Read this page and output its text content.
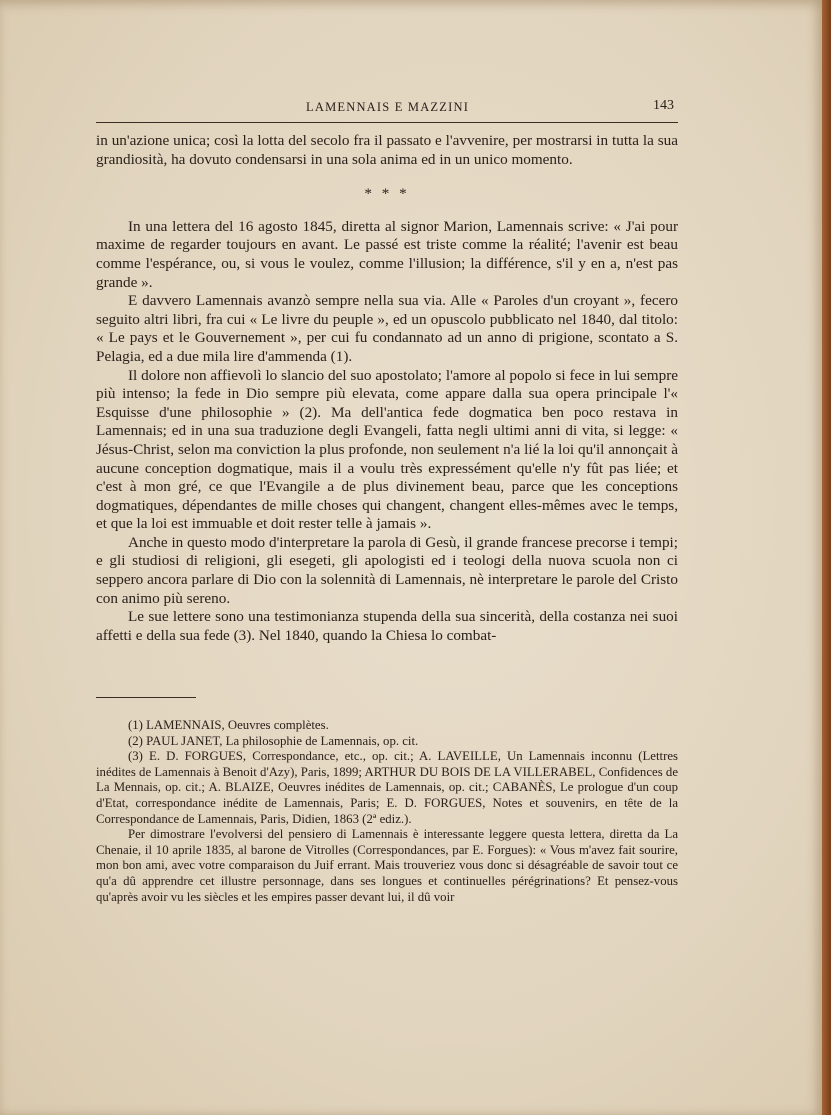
LAMENNAIS E MAZZINI	143

in un'azione unica; così la lotta del secolo fra il passato e l'avvenire, per mostrarsi in tutta la sua grandiosità, ha dovuto condensarsi in una sola anima ed in un unico momento.

* * *

In una lettera del 16 agosto 1845, diretta al signor Marion, Lamennais scrive: « J'ai pour maxime de regarder toujours en avant. Le passé est triste comme la réalité; l'avenir est beau comme l'espérance, ou, si vous le voulez, comme l'illusion; la différence, s'il y en a, n'est pas grande ».

E davvero Lamennais avanzò sempre nella sua via. Alle « Paroles d'un croyant », fecero seguito altri libri, fra cui « Le livre du peuple », ed un opuscolo pubblicato nel 1840, dal titolo: « Le pays et le Gouvernement », per cui fu condannato ad un anno di prigione, scontato a S. Pelagia, ed a due mila lire d'ammenda (1).

Il dolore non affievolì lo slancio del suo apostolato; l'amore al popolo si fece in lui sempre più intenso; la fede in Dio sempre più elevata, come appare dalla sua opera principale l'« Esquisse d'une philosophie » (2). Ma dell'antica fede dogmatica ben poco restava in Lamennais; ed in una sua traduzione degli Evangeli, fatta negli ultimi anni di vita, si legge: « Jésus-Christ, selon ma conviction la plus profonde, non seulement n'a lié la loi qu'il annonçait à aucune conception dogmatique, mais il a voulu très expressément qu'elle n'y fût pas liée; et c'est à mon gré, ce que l'Evangile a de plus divinement beau, parce que les conceptions dogmatiques, dépendantes de mille choses qui changent, changent elles-mêmes avec le temps, et que la loi est immuable et doit rester telle à jamais ».

Anche in questo modo d'interpretare la parola di Gesù, il grande francese precorse i tempi; e gli studiosi di religioni, gli esegeti, gli apologisti ed i teologi della nuova scuola non ci seppero ancora parlare di Dio con la solennità di Lamennais, nè interpretare le parole del Cristo con animo più sereno.

Le sue lettere sono una testimonianza stupenda della sua sincerità, della costanza nei suoi affetti e della sua fede (3). Nel 1840, quando la Chiesa lo combat-

(1) LAMENNAIS, Oeuvres complètes.

(2) PAUL JANET, La philosophie de Lamennais, op. cit.

(3) E. D. FORGUES, Correspondance, etc., op. cit.; A. LAVEILLE, Un Lamennais inconnu (Lettres inédites de Lamennais à Benoit d'Azy), Paris, 1899; ARTHUR DU BOIS DE LA VILLERABEL, Confidences de La Mennais, op. cit.; A. BLAIZE, Oeuvres inédites de Lamennais, op. cit.; CABANÈS, Le prologue d'un coup d'Etat, correspondance inédite de Lamennais, Paris; E. D. FORGUES, Notes et souvenirs, en tête de la Correspondance de Lamennais, Paris, Didien, 1863 (2ª ediz.).

Per dimostrare l'evolversi del pensiero di Lamennais è interessante leggere questa lettera, diretta da La Chenaie, il 10 aprile 1835, al barone de Vitrolles (Correspondances, par E. Forgues): « Vous m'avez fait sourire, mon bon ami, avec votre comparaison du Juif errant. Mais trouveriez vous donc si désagréable de savoir tout ce qu'a dû apprendre cet illustre personnage, dans ses longues et continuelles pérégrinations? Et pensez-vous qu'après avoir vu les siècles et les empires passer devant lui, il dû voir
